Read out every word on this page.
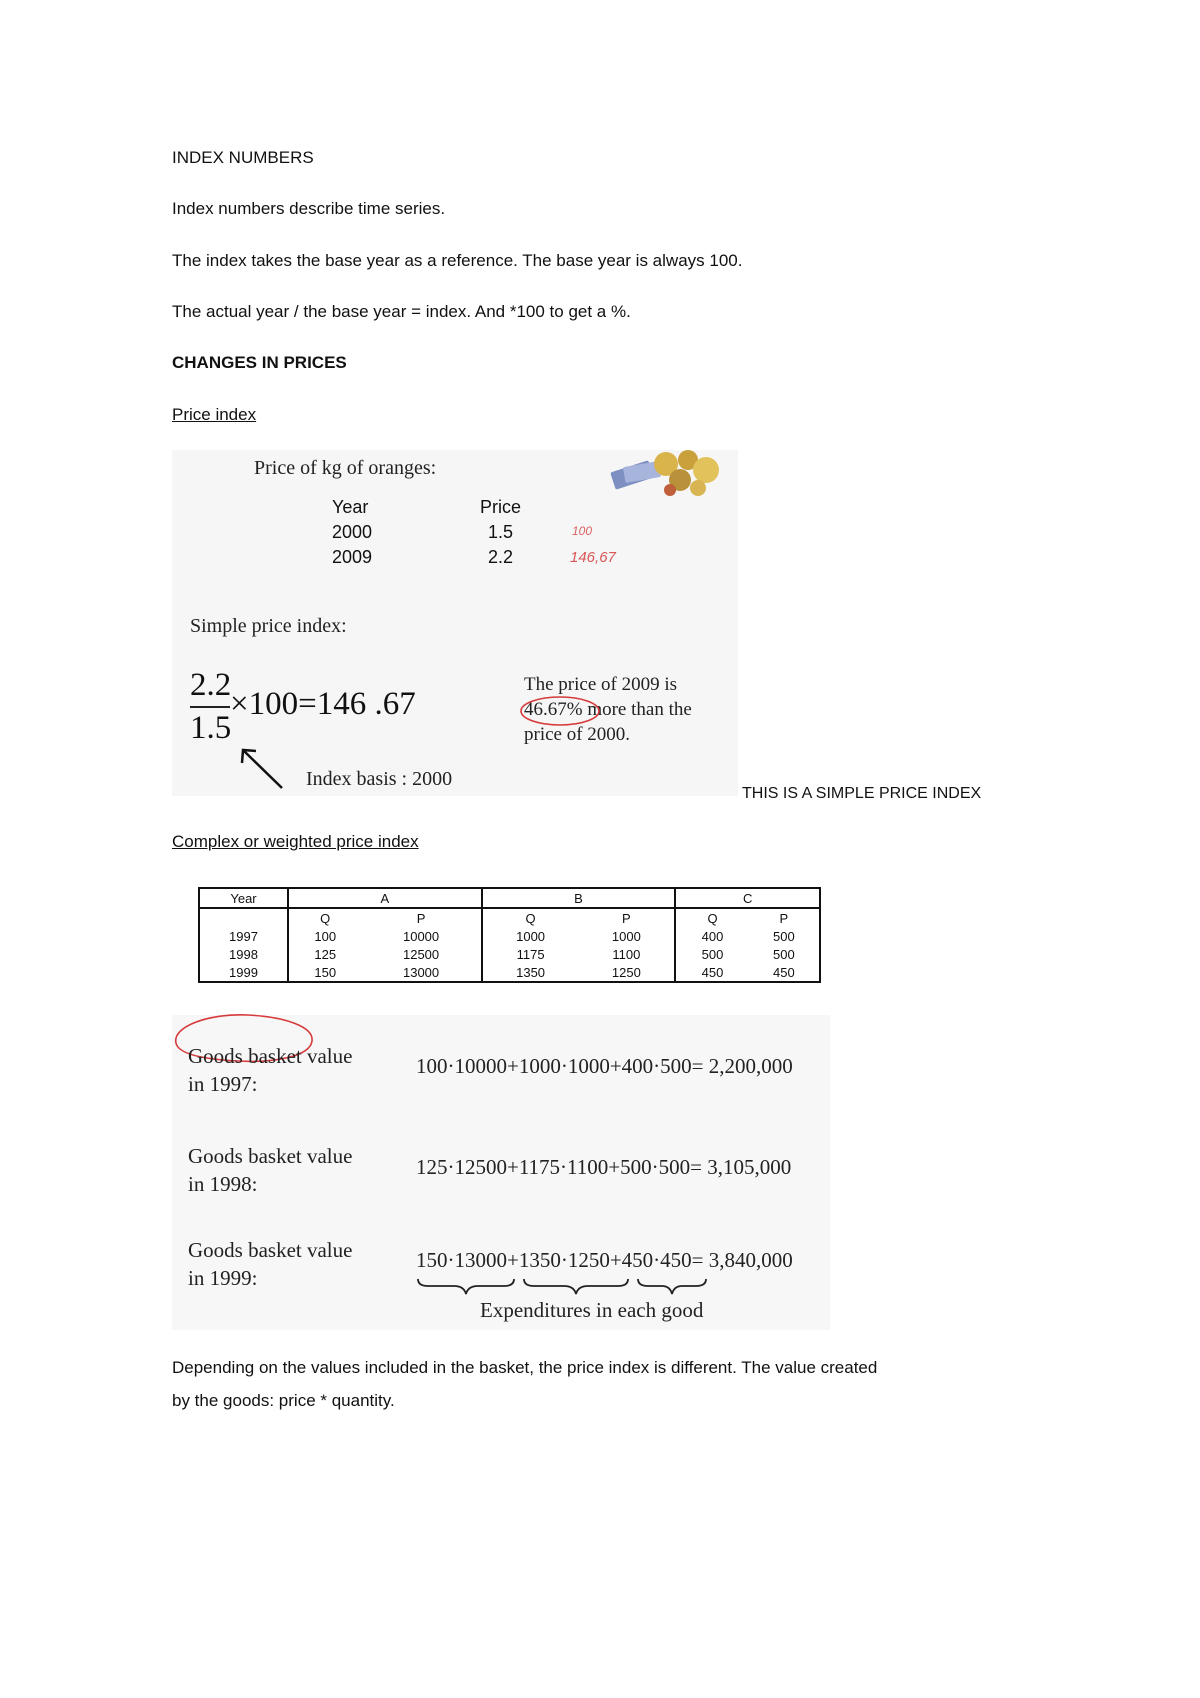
INDEX NUMBERS
Index numbers describe time series.
The index takes the base year as a reference. The base year is always 100.
The actual year / the base year = index. And *100 to get a %.
CHANGES IN PRICES
Price index
Price of kg of oranges:
Year	Price
2000	1.5	100
2009	2.2	146,67
Simple price index:
2.2
1.5
×100=146 .67
Index basis : 2000
The price of 2009 is
46.67%
more than the
price of 2000.
THIS IS A SIMPLE PRICE INDEX
Complex or weighted price index
Year	A		B		C	
	Q	P	Q	P	Q	P
1997	100	10000	1000	1000	400	500
1998	125	12500	1175	1100	500	500
1999	150	13000	1350	1250	450	450
Goods basket value
in 1997:
100·10000+1000·1000+400·500= 2,200,000
Goods basket value
in 1998:
125·12500+1175·1100+500·500= 3,105,000
Goods basket value
in 1999:
150·13000+1350·1250+450·450= 3,840,000
Expenditures in each good
Depending on the values included in the basket, the price index is different. The value created
by the goods: price * quantity.
